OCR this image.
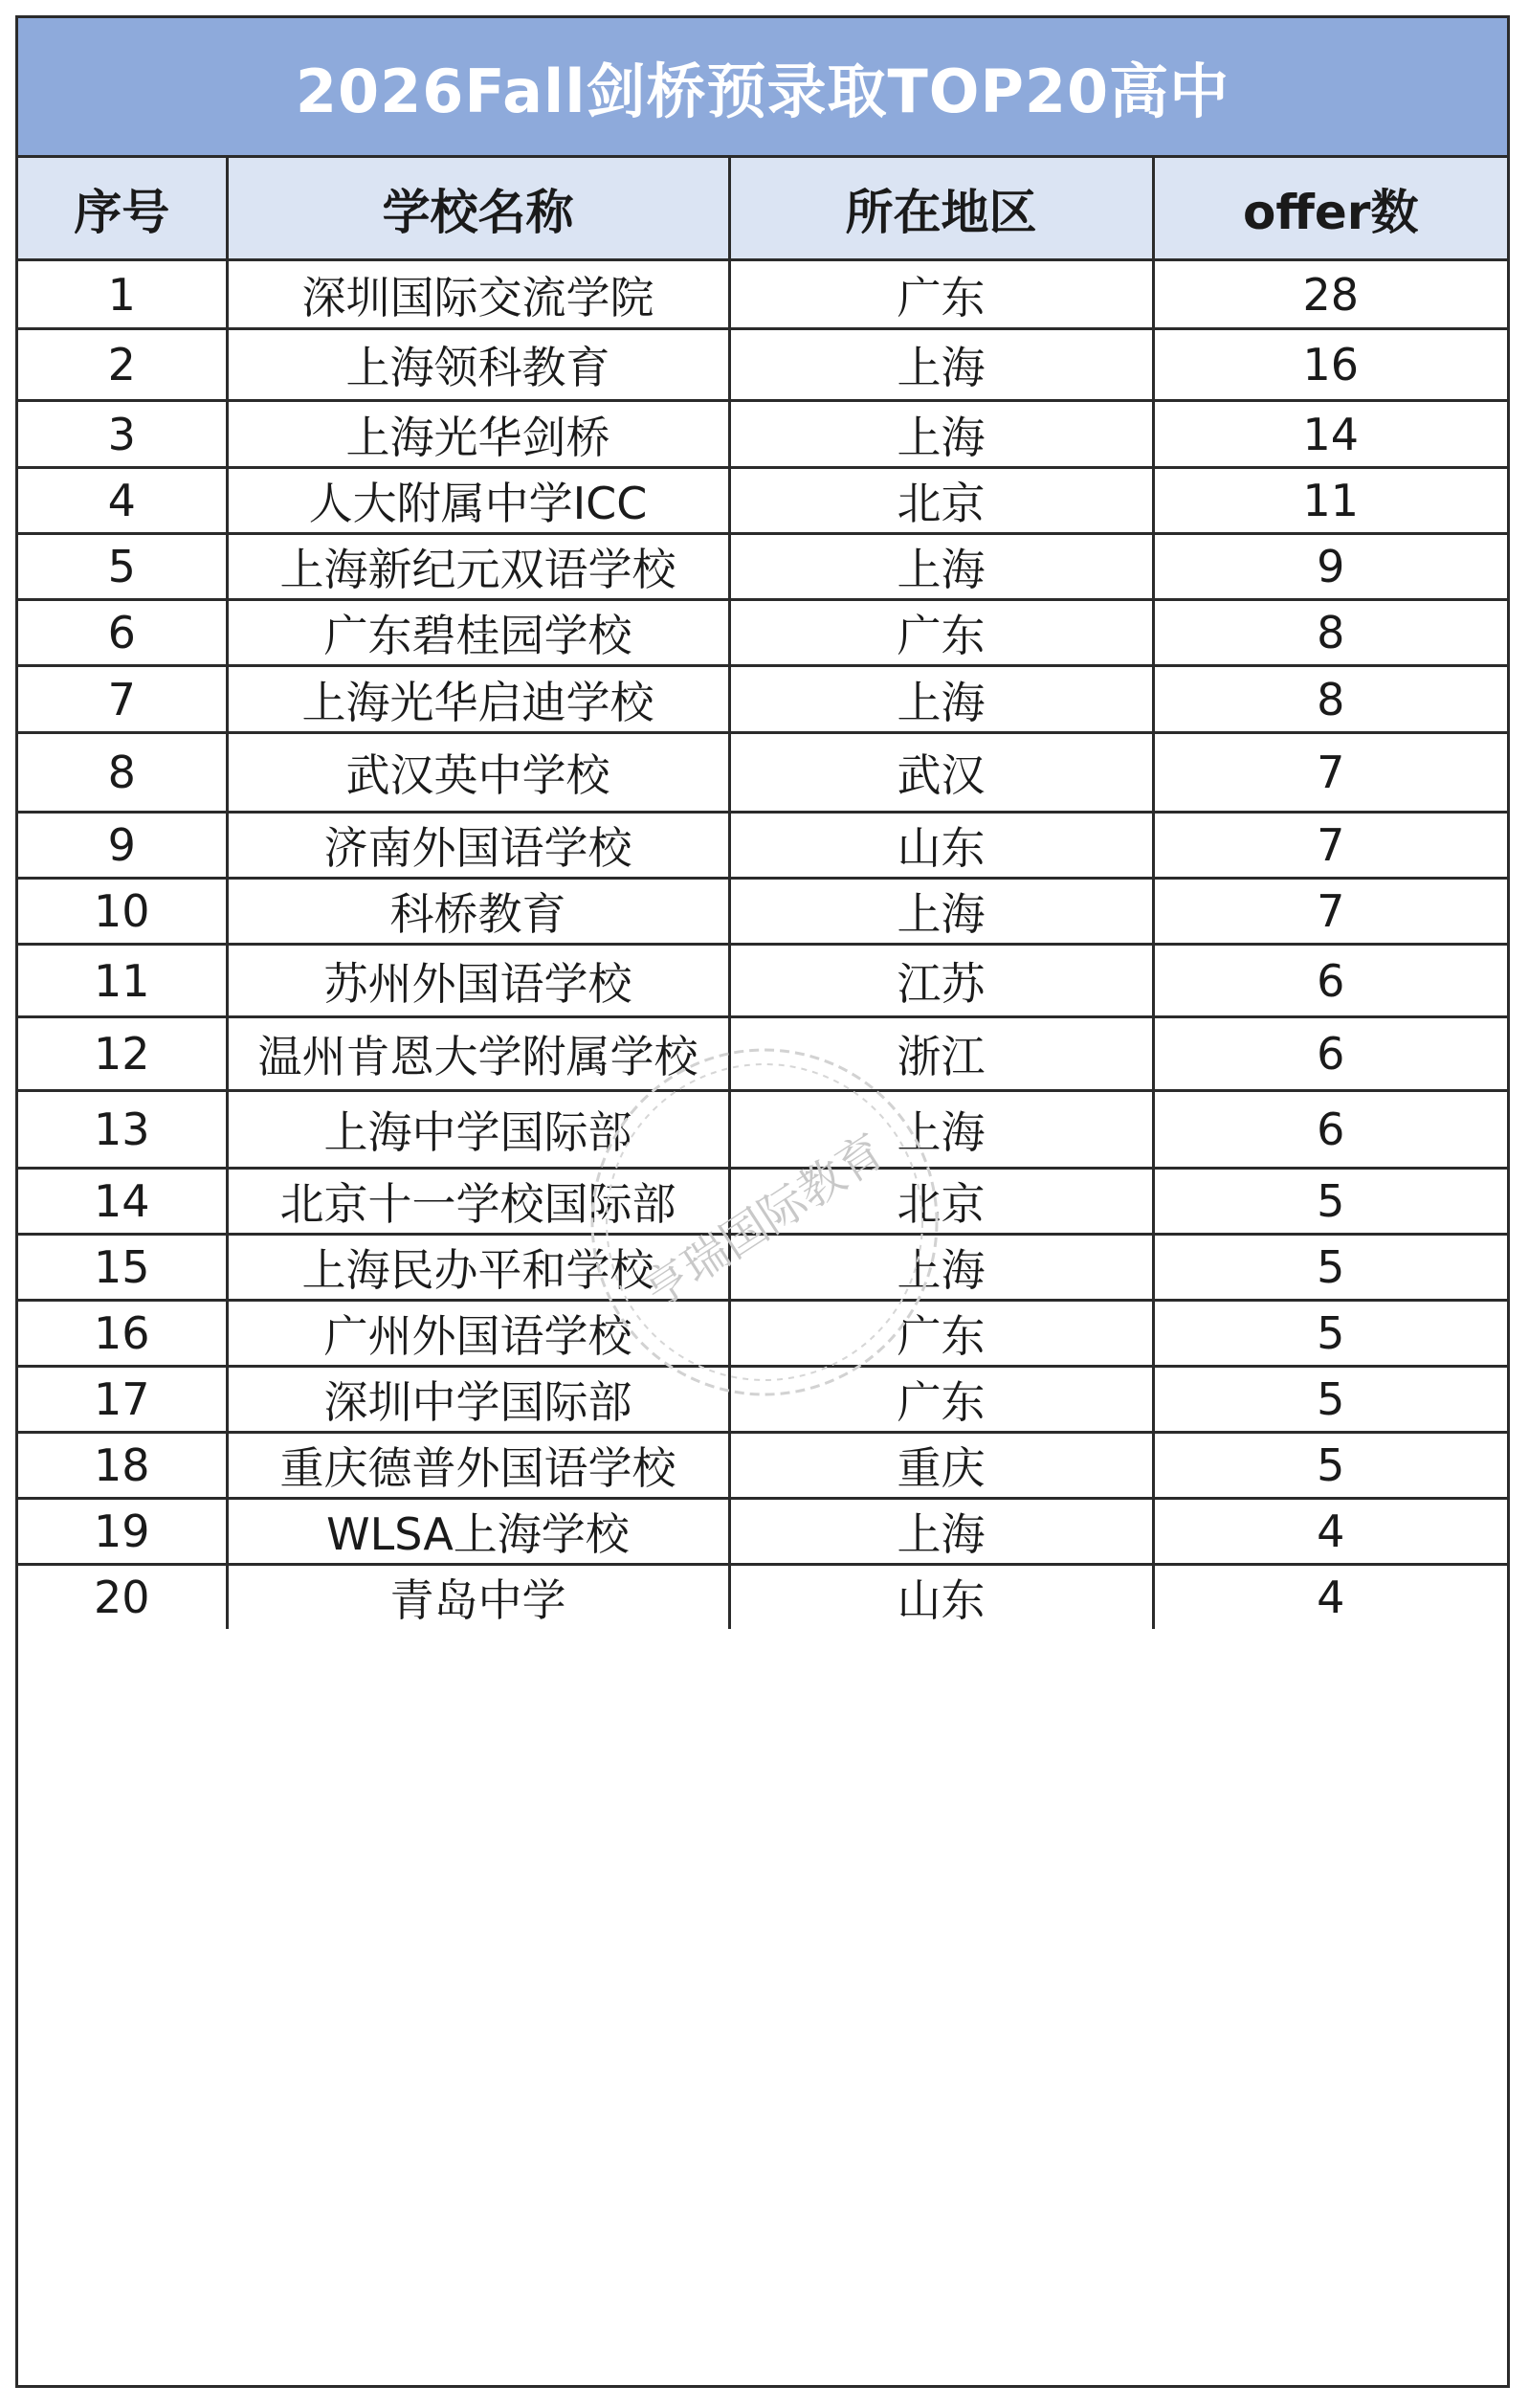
2026Fall剑桥预录取TOP20高中
序号	学校名称	所在地区	offer数
1	深圳国际交流学院	广东	28
2	上海领科教育	上海	16
3	上海光华剑桥	上海	14
4	人大附属中学ICC	北京	11
5	上海新纪元双语学校	上海	9
6	广东碧桂园学校	广东	8
7	上海光华启迪学校	上海	8
8	武汉英中学校	武汉	7
9	济南外国语学校	山东	7
10	科桥教育	上海	7
11	苏州外国语学校	江苏	6
12	温州肯恩大学附属学校	浙江	6
13	上海中学国际部	上海	6
14	北京十一学校国际部	北京	5
15	上海民办平和学校	上海	5
16	广州外国语学校	广东	5
17	深圳中学国际部	广东	5
18	重庆德普外国语学校	重庆	5
19	WLSA上海学校	上海	4
20	青岛中学	山东	4
亨瑞国际教育
